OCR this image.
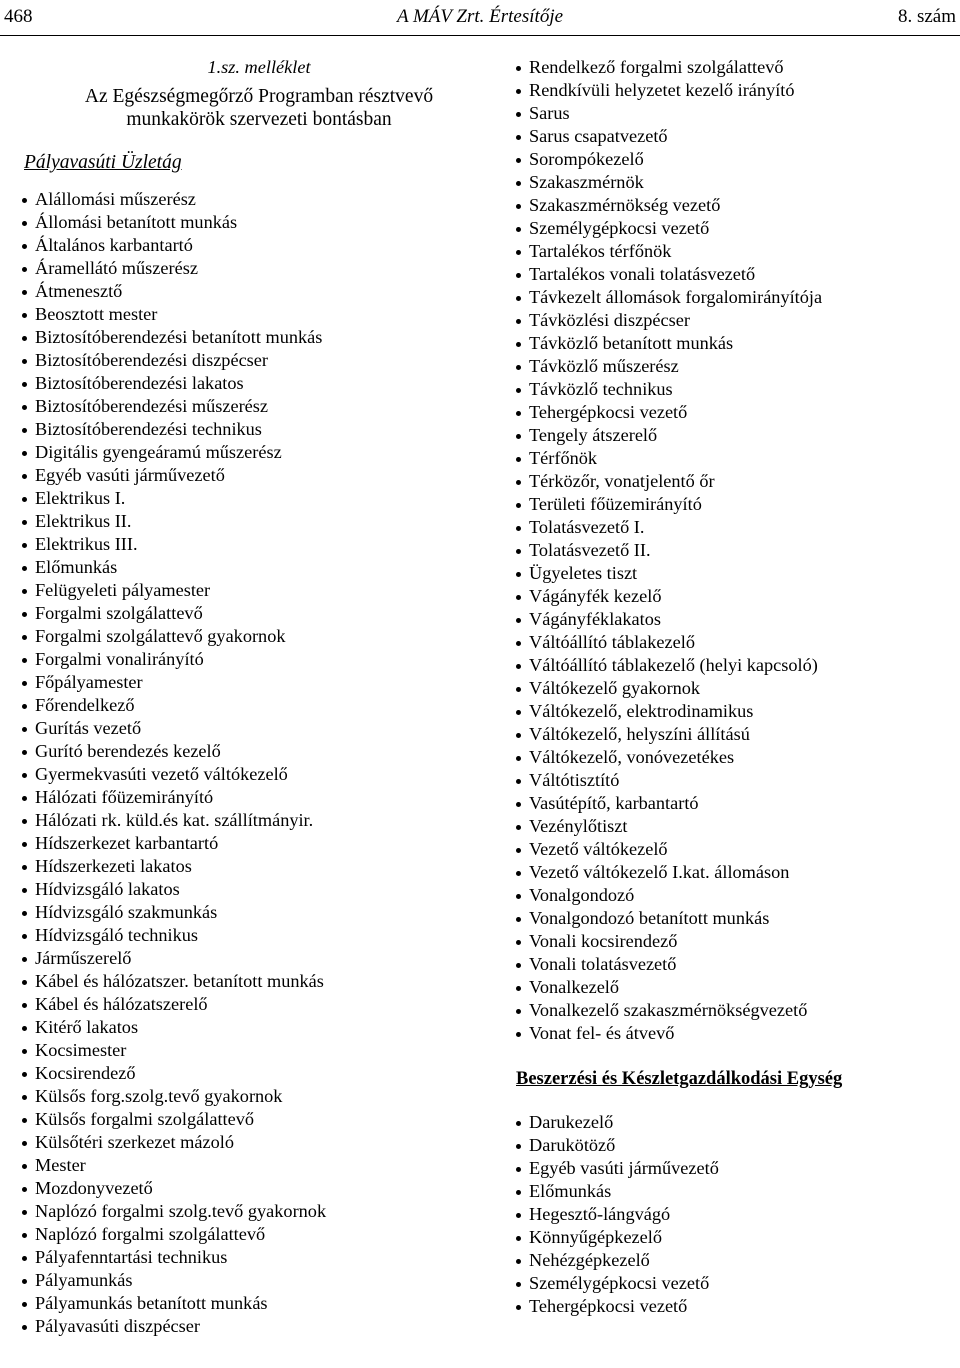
468	A MÁV Zrt. Értesítője	8. szám
1.sz. melléklet
Az Egészségmegőrző Programban résztvevő
munkakörök szervezeti bontásban
Pályavasúti Üzletág
Alállomási műszerész
Állomási betanított munkás
Általános karbantartó
Áramellátó műszerész
Átmenesztő
Beosztott mester
Biztosítóberendezési betanított munkás
Biztosítóberendezési diszpécser
Biztosítóberendezési lakatos
Biztosítóberendezési műszerész
Biztosítóberendezési technikus
Digitális gyengeáramú műszerész
Egyéb vasúti járművezető
Elektrikus I.
Elektrikus II.
Elektrikus III.
Előmunkás
Felügyeleti pályamester
Forgalmi szolgálattevő
Forgalmi szolgálattevő gyakornok
Forgalmi vonalirányító
Főpályamester
Főrendelkező
Gurítás vezető
Gurító berendezés kezelő
Gyermekvasúti vezető váltókezelő
Hálózati főüzemirányító
Hálózati rk. küld.és kat. szállítmányir.
Hídszerkezet karbantartó
Hídszerkezeti lakatos
Hídvizsgáló lakatos
Hídvizsgáló szakmunkás
Hídvizsgáló technikus
Járműszerelő
Kábel és hálózatszer. betanított munkás
Kábel és hálózatszerelő
Kitérő lakatos
Kocsimester
Kocsirendező
Külsős forg.szolg.tevő gyakornok
Külsős forgalmi szolgálattevő
Külsőtéri szerkezet mázoló
Mester
Mozdonyvezető
Naplózó forgalmi szolg.tevő gyakornok
Naplózó forgalmi szolgálattevő
Pályafenntartási technikus
Pályamunkás
Pályamunkás betanított munkás
Pályavasúti diszpécser
Rendelkező forgalmi szolgálattevő
Rendkívüli helyzetet kezelő irányító
Sarus
Sarus csapatvezető
Sorompókezelő
Szakaszmérnök
Szakaszmérnökség vezető
Személygépkocsi vezető
Tartalékos térfőnök
Tartalékos vonali tolatásvezető
Távkezelt állomások forgalomirányítója
Távközlési diszpécser
Távközlő betanított munkás
Távközlő műszerész
Távközlő technikus
Tehergépkocsi vezető
Tengely átszerelő
Térfőnök
Térközőr, vonatjelentő őr
Területi főüzemirányító
Tolatásvezető I.
Tolatásvezető II.
Ügyeletes tiszt
Vágányfék kezelő
Vágányféklakatos
Váltóállító táblakezelő
Váltóállító táblakezelő (helyi kapcsoló)
Váltókezelő gyakornok
Váltókezelő, elektrodinamikus
Váltókezelő, helyszíni állítású
Váltókezelő, vonóvezetékes
Váltótisztító
Vasútépítő, karbantartó
Vezénylőtiszt
Vezető váltókezelő
Vezető váltókezelő I.kat. állomáson
Vonalgondozó
Vonalgondozó betanított munkás
Vonali kocsirendező
Vonali tolatásvezető
Vonalkezelő
Vonalkezelő szakaszmérnökségvezető
Vonat fel- és átvevő
Beszerzési és Készletgazdálkodási Egység
Darukezelő
Darukötöző
Egyéb vasúti járművezető
Előmunkás
Hegesztő-lángvágó
Könnyűgépkezelő
Nehézgépkezelő
Személygépkocsi vezető
Tehergépkocsi vezető
